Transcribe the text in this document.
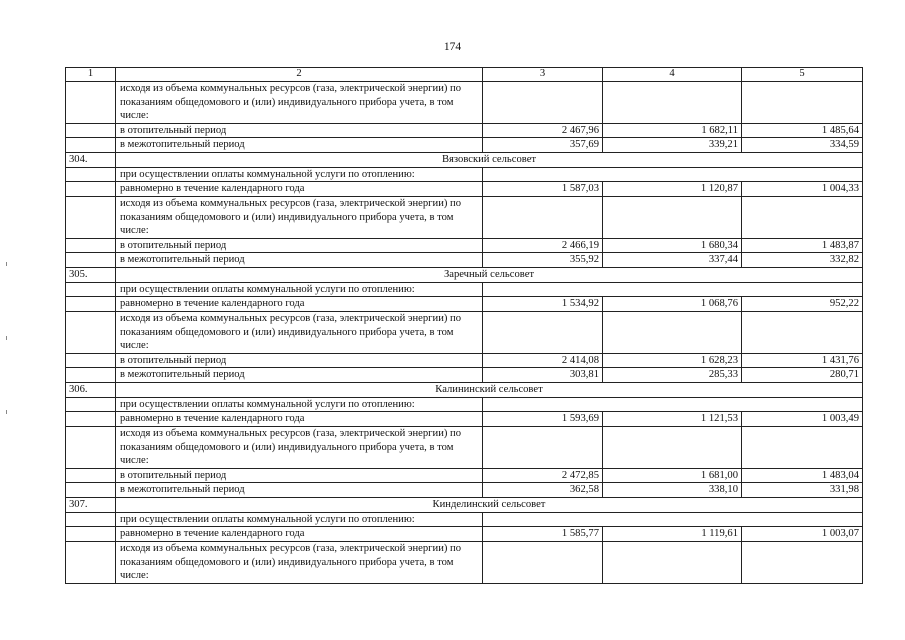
174
1	2	3	4	5
	исходя из объема коммунальных ресурсов (газа, электрической энергии) по показаниям общедомового и (или) индивидуального прибора учета, в том числе:			
	в отопительный период	2 467,96	1 682,11	1 485,64
	в межотопительный период	357,69	339,21	334,59
304.	Вязовский сельсовет			
	при осуществлении оплаты коммунальной услуги по отоплению:			
	равномерно в течение календарного года	1 587,03	1 120,87	1 004,33
	исходя из объема коммунальных ресурсов (газа, электрической энергии) по показаниям общедомового и (или) индивидуального прибора учета, в том числе:			
	в отопительный период	2 466,19	1 680,34	1 483,87
	в межотопительный период	355,92	337,44	332,82
305.	Заречный сельсовет			
	при осуществлении оплаты коммунальной услуги по отоплению:			
	равномерно в течение календарного года	1 534,92	1 068,76	952,22
	исходя из объема коммунальных ресурсов (газа, электрической энергии) по показаниям общедомового и (или) индивидуального прибора учета, в том числе:			
	в отопительный период	2 414,08	1 628,23	1 431,76
	в межотопительный период	303,81	285,33	280,71
306.	Калининский сельсовет			
	при осуществлении оплаты коммунальной услуги по отоплению:			
	равномерно в течение календарного года	1 593,69	1 121,53	1 003,49
	исходя из объема коммунальных ресурсов (газа, электрической энергии) по показаниям общедомового и (или) индивидуального прибора учета, в том числе:			
	в отопительный период	2 472,85	1 681,00	1 483,04
	в межотопительный период	362,58	338,10	331,98
307.	Кинделинский сельсовет			
	при осуществлении оплаты коммунальной услуги по отоплению:			
	равномерно в течение календарного года	1 585,77	1 119,61	1 003,07
	исходя из объема коммунальных ресурсов (газа, электрической энергии) по показаниям общедомового и (или) индивидуального прибора учета, в том числе:			
